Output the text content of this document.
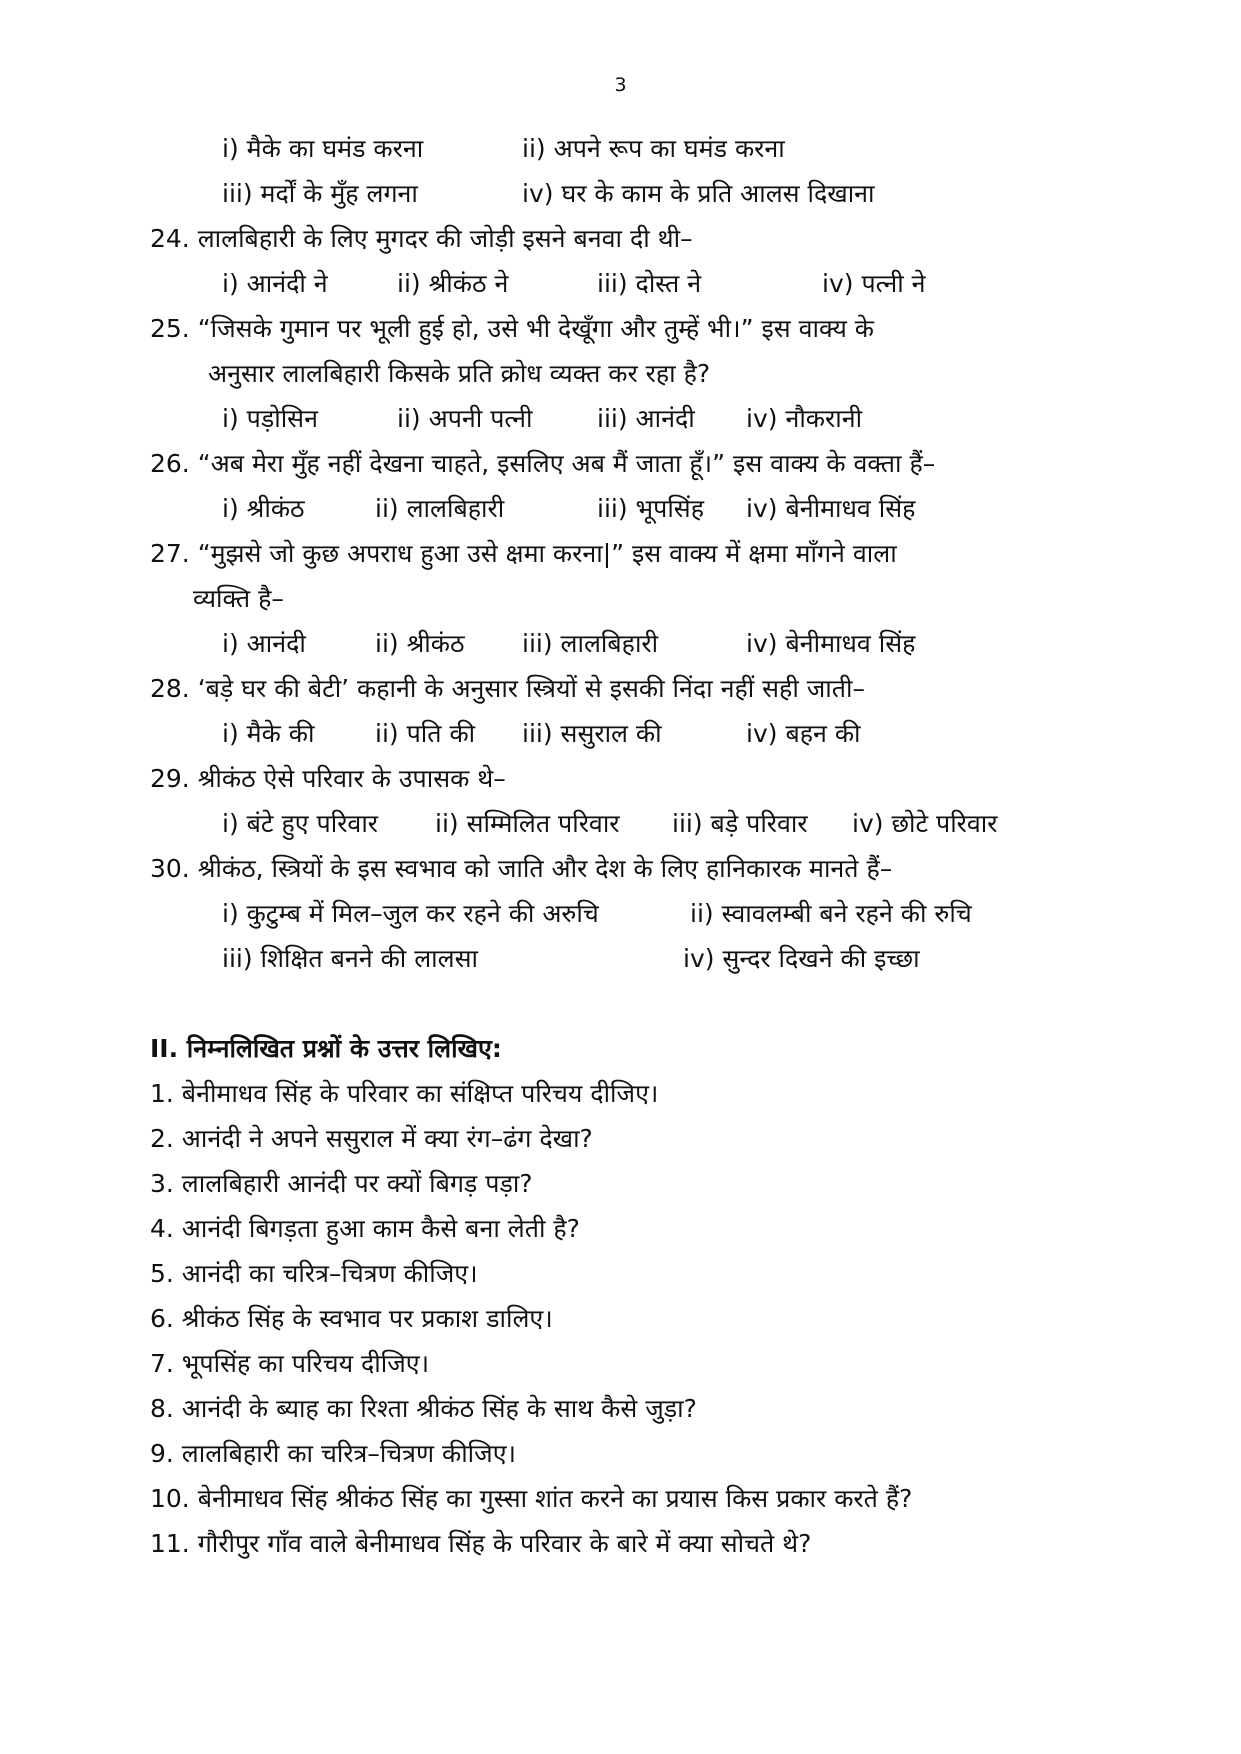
3
i) मैके का घमंड करना	ii) अपने रूप का घमंड करना
iii) मर्दों के मुँह लगना	iv) घर के काम के प्रति आलस दिखाना
24. लालबिहारी के लिए मुगदर की जोड़ी इसने बनवा दी थी–
i) आनंदी ने	ii) श्रीकंठ ने	iii) दोस्त ने	iv) पत्नी ने
25. “जिसके गुमान पर भूली हुई हो, उसे भी देखूँगा और तुम्हें भी।” इस वाक्य के
अनुसार लालबिहारी किसके प्रति क्रोध व्यक्त कर रहा है?
i) पड़ोसिन	ii) अपनी पत्नी	iii) आनंदी iv) नौकरानी
26. “अब मेरा मुँह नहीं देखना चाहते, इसलिए अब मैं जाता हूँ।” इस वाक्य के वक्ता हैं–
i) श्रीकंठ	ii) लालबिहारी	iii) भूपसिंह iv) बेनीमाधव सिंह
27. “मुझसे जो कुछ अपराध हुआ उसे क्षमा करना|” इस वाक्य में क्षमा माँगने वाला
व्यक्ति है–
i) आनंदी	ii) श्रीकंठ iii) लालबिहारी	iv) बेनीमाधव सिंह
28. ‘बड़े घर की बेटी’ कहानी के अनुसार स्त्रियों से इसकी निंदा नहीं सही जाती–
i) मैके की ii) पति की iii) ससुराल की	iv) बहन की
29. श्रीकंठ ऐसे परिवार के उपासक थे–
i) बंटे हुए परिवार ii) सम्मिलित परिवार iii) बड़े परिवार iv) छोटे परिवार
30. श्रीकंठ, स्त्रियों के इस स्वभाव को जाति और देश के लिए हानिकारक मानते हैं–
i) कुटुम्ब में मिल–जुल कर रहने की अरुचि	ii) स्वावलम्बी बने रहने की रुचि
iii) शिक्षित बनने की लालसा	iv) सुन्दर दिखने की इच्छा
II. निम्नलिखित प्रश्नों के उत्तर लिखिए:
1. बेनीमाधव सिंह के परिवार का संक्षिप्त परिचय दीजिए।
2. आनंदी ने अपने ससुराल में क्या रंग–ढंग देखा?
3. लालबिहारी आनंदी पर क्यों बिगड़ पड़ा?
4. आनंदी बिगड़ता हुआ काम कैसे बना लेती है?
5. आनंदी का चरित्र–चित्रण कीजिए।
6. श्रीकंठ सिंह के स्वभाव पर प्रकाश डालिए।
7. भूपसिंह का परिचय दीजिए।
8. आनंदी के ब्याह का रिश्ता श्रीकंठ सिंह के साथ कैसे जुड़ा?
9. लालबिहारी का चरित्र–चित्रण कीजिए।
10. बेनीमाधव सिंह श्रीकंठ सिंह का गुस्सा शांत करने का प्रयास किस प्रकार करते हैं?
11. गौरीपुर गाँव वाले बेनीमाधव सिंह के परिवार के बारे में क्या सोचते थे?
